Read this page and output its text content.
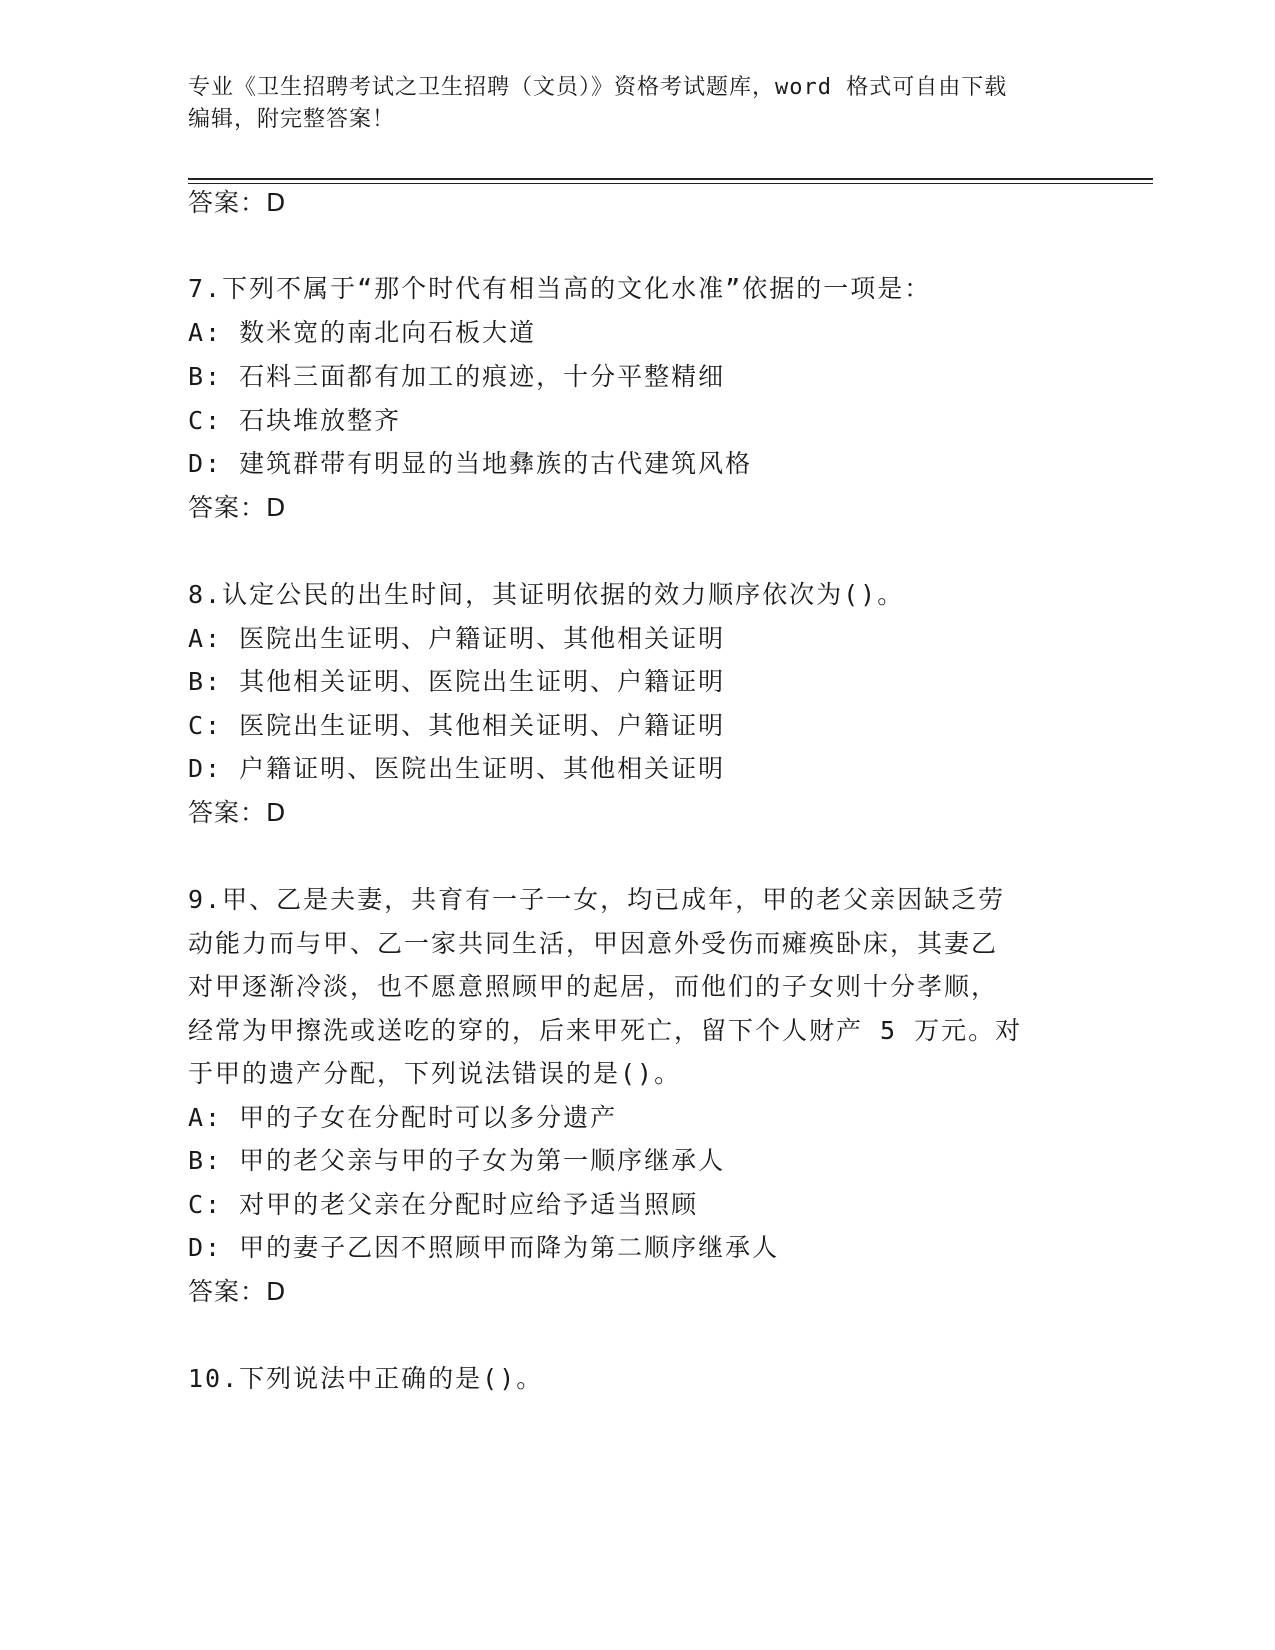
专业《卫生招聘考试之卫生招聘（文员）》资格考试题库，word 格式可自由下载
编辑，附完整答案！
答案：D
7.下列不属于“那个时代有相当高的文化水准”依据的一项是：
A: 数米宽的南北向石板大道
B: 石料三面都有加工的痕迹，十分平整精细
C: 石块堆放整齐
D: 建筑群带有明显的当地彝族的古代建筑风格
答案：D
8.认定公民的出生时间，其证明依据的效力顺序依次为()。
A: 医院出生证明、户籍证明、其他相关证明
B: 其他相关证明、医院出生证明、户籍证明
C: 医院出生证明、其他相关证明、户籍证明
D: 户籍证明、医院出生证明、其他相关证明
答案：D
9.甲、乙是夫妻，共育有一子一女，均已成年，甲的老父亲因缺乏劳
动能力而与甲、乙一家共同生活，甲因意外受伤而瘫痪卧床，其妻乙
对甲逐渐冷淡，也不愿意照顾甲的起居，而他们的子女则十分孝顺，
经常为甲擦洗或送吃的穿的，后来甲死亡，留下个人财产 5 万元。对
于甲的遗产分配，下列说法错误的是()。
A: 甲的子女在分配时可以多分遗产
B: 甲的老父亲与甲的子女为第一顺序继承人
C: 对甲的老父亲在分配时应给予适当照顾
D: 甲的妻子乙因不照顾甲而降为第二顺序继承人
答案：D
10.下列说法中正确的是()。
